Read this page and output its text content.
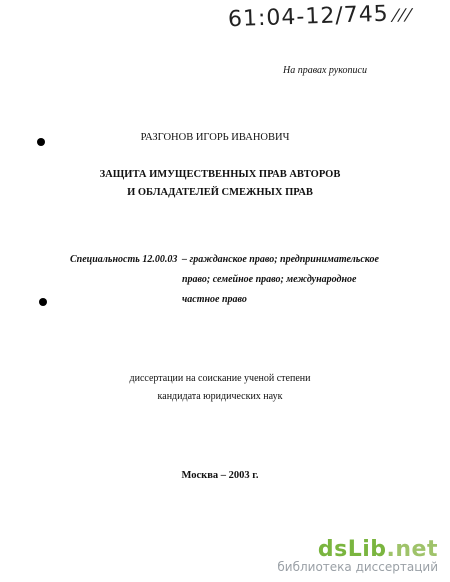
61:04-12/745///
На правах рукописи
РАЗГОНОВ ИГОРЬ ИВАНОВИЧ
ЗАЩИТА ИМУЩЕСТВЕННЫХ ПРАВ АВТОРОВ
И ОБЛАДАТЕЛЕЙ СМЕЖНЫХ ПРАВ
Специальность 12.00.03 – гражданское право; предпринимательское
право; семейное право; международное
частное право
диссертации на соискание ученой степени
кандидата юридических наук
Москва – 2003 г.
dsLib.net
библиотека диссертаций
